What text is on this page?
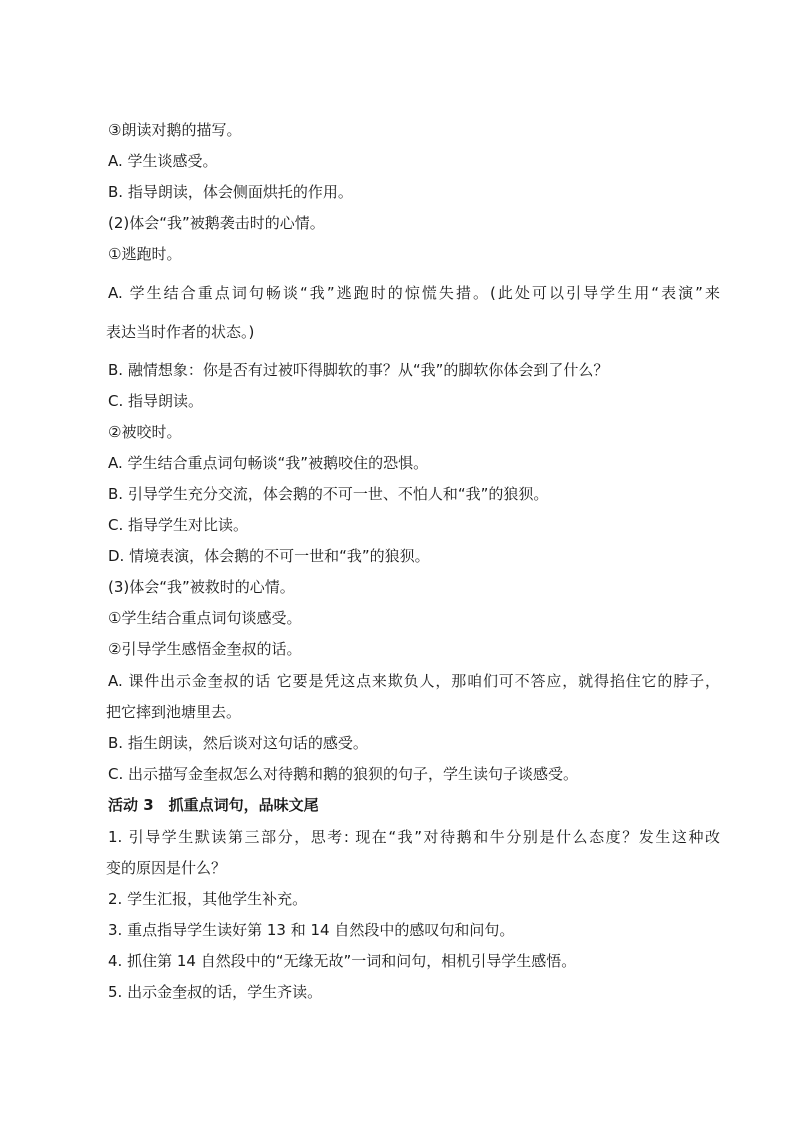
③朗读对鹅的描写。
A. 学生谈感受。
B. 指导朗读，体会侧面烘托的作用。
(2)体会“我”被鹅袭击时的心情。
①逃跑时。
A. 学生结合重点词句畅谈“我”逃跑时的惊慌失措。(此处可以引导学生用“表演”来
表达当时作者的状态。)
B. 融情想象：你是否有过被吓得脚软的事？从“我”的脚软你体会到了什么？
C. 指导朗读。
②被咬时。
A. 学生结合重点词句畅谈“我”被鹅咬住的恐惧。
B. 引导学生充分交流，体会鹅的不可一世、不怕人和“我”的狼狈。
C. 指导学生对比读。
D. 情境表演，体会鹅的不可一世和“我”的狼狈。
(3)体会“我”被救时的心情。
①学生结合重点词句谈感受。
②引导学生感悟金奎叔的话。
A. 课件出示金奎叔的话 它要是凭这点来欺负人，那咱们可不答应，就得掐住它的脖子，
把它摔到池塘里去。
B. 指生朗读，然后谈对这句话的感受。
C. 出示描写金奎叔怎么对待鹅和鹅的狼狈的句子，学生读句子谈感受。
活动 3　抓重点词句，品味文尾
1. 引导学生默读第三部分，思考: 现在“我”对待鹅和牛分别是什么态度？发生这种改
变的原因是什么？
2. 学生汇报，其他学生补充。
3. 重点指导学生读好第 13 和 14 自然段中的感叹句和问句。
4. 抓住第 14 自然段中的“无缘无故”一词和问句，相机引导学生感悟。
5. 出示金奎叔的话，学生齐读。
